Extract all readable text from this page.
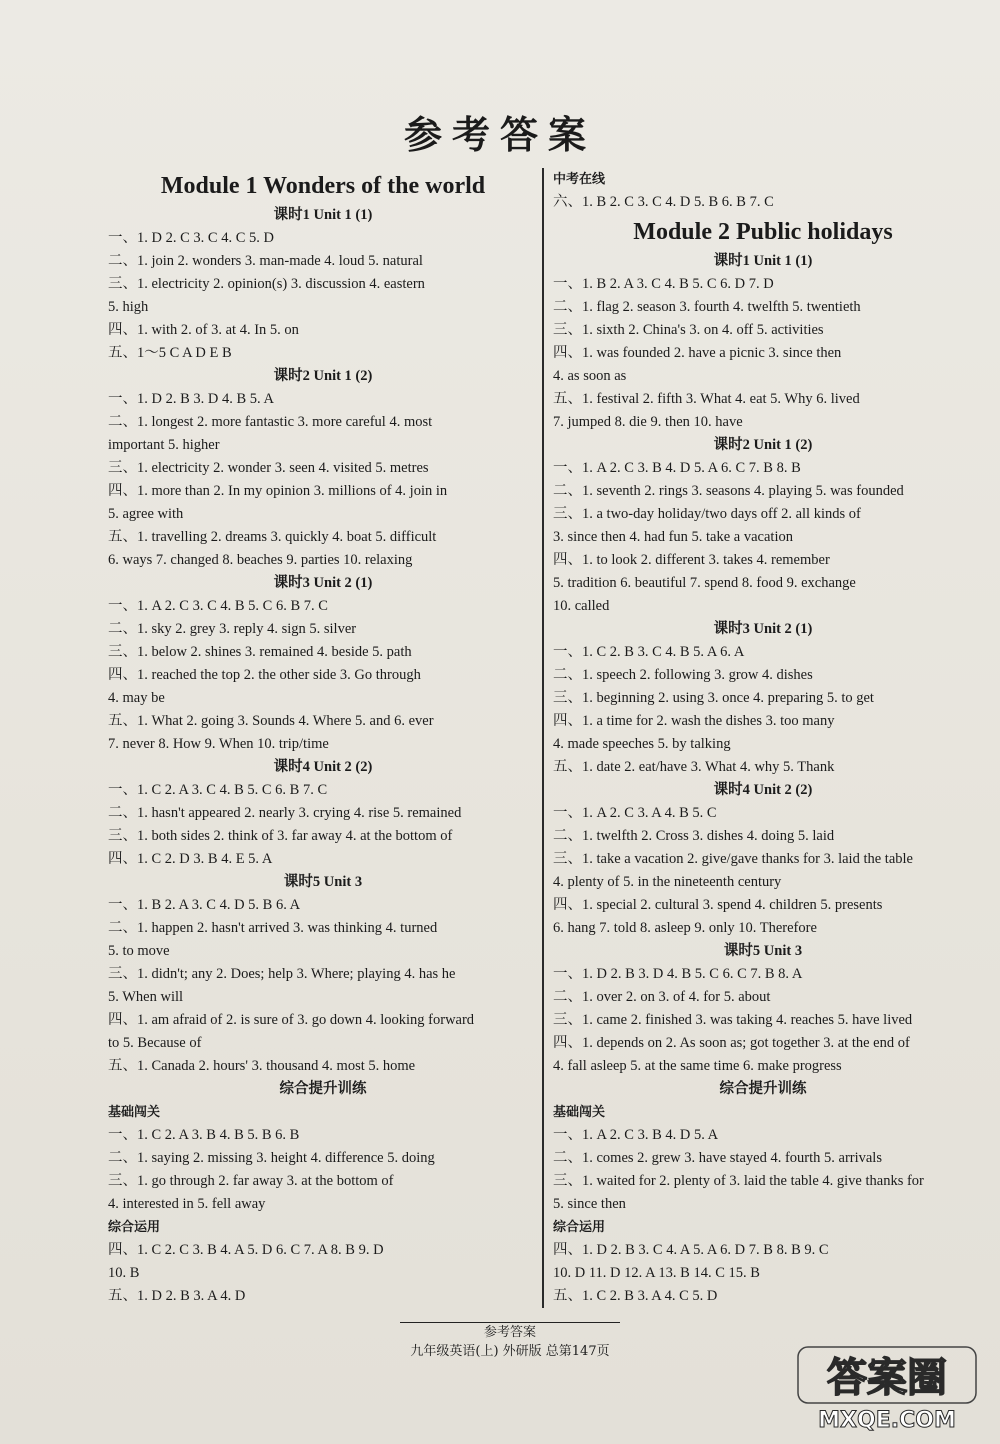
参考答案
Module 1 Wonders of the world
课时1 Unit 1 (1)
一、1. D 2. C 3. C 4. C 5. D
二、1. join 2. wonders 3. man-made 4. loud 5. natural
三、1. electricity 2. opinion(s) 3. discussion 4. eastern
5. high
四、1. with 2. of 3. at 4. In 5. on
五、1～5 C A D E B
课时2 Unit 1 (2)
一、1. D 2. B 3. D 4. B 5. A
二、1. longest 2. more fantastic 3. more careful 4. most
important 5. higher
三、1. electricity 2. wonder 3. seen 4. visited 5. metres
四、1. more than 2. In my opinion 3. millions of 4. join in
5. agree with
五、1. travelling 2. dreams 3. quickly 4. boat 5. difficult
6. ways 7. changed 8. beaches 9. parties 10. relaxing
课时3 Unit 2 (1)
一、1. A 2. C 3. C 4. B 5. C 6. B 7. C
二、1. sky 2. grey 3. reply 4. sign 5. silver
三、1. below 2. shines 3. remained 4. beside 5. path
四、1. reached the top 2. the other side 3. Go through
4. may be
五、1. What 2. going 3. Sounds 4. Where 5. and 6. ever
7. never 8. How 9. When 10. trip/time
课时4 Unit 2 (2)
一、1. C 2. A 3. C 4. B 5. C 6. B 7. C
二、1. hasn't appeared 2. nearly 3. crying 4. rise 5. remained
三、1. both sides 2. think of 3. far away 4. at the bottom of
四、1. C 2. D 3. B 4. E 5. A
课时5 Unit 3
一、1. B 2. A 3. C 4. D 5. B 6. A
二、1. happen 2. hasn't arrived 3. was thinking 4. turned
5. to move
三、1. didn't; any 2. Does; help 3. Where; playing 4. has he
5. When will
四、1. am afraid of 2. is sure of 3. go down 4. looking forward
to 5. Because of
五、1. Canada 2. hours' 3. thousand 4. most 5. home
综合提升训练
基础闯关
一、1. C 2. A 3. B 4. B 5. B 6. B
二、1. saying 2. missing 3. height 4. difference 5. doing
三、1. go through 2. far away 3. at the bottom of
4. interested in 5. fell away
综合运用
四、1. C 2. C 3. B 4. A 5. D 6. C 7. A 8. B 9. D
10. B
五、1. D 2. B 3. A 4. D
中考在线
六、1. B 2. C 3. C 4. D 5. B 6. B 7. C
Module 2 Public holidays
课时1 Unit 1 (1)
一、1. B 2. A 3. C 4. B 5. C 6. D 7. D
二、1. flag 2. season 3. fourth 4. twelfth 5. twentieth
三、1. sixth 2. China's 3. on 4. off 5. activities
四、1. was founded 2. have a picnic 3. since then
4. as soon as
五、1. festival 2. fifth 3. What 4. eat 5. Why 6. lived
7. jumped 8. die 9. then 10. have
课时2 Unit 1 (2)
一、1. A 2. C 3. B 4. D 5. A 6. C 7. B 8. B
二、1. seventh 2. rings 3. seasons 4. playing 5. was founded
三、1. a two-day holiday/two days off 2. all kinds of
3. since then 4. had fun 5. take a vacation
四、1. to look 2. different 3. takes 4. remember
5. tradition 6. beautiful 7. spend 8. food 9. exchange
10. called
课时3 Unit 2 (1)
一、1. C 2. B 3. C 4. B 5. A 6. A
二、1. speech 2. following 3. grow 4. dishes
三、1. beginning 2. using 3. once 4. preparing 5. to get
四、1. a time for 2. wash the dishes 3. too many
4. made speeches 5. by talking
五、1. date 2. eat/have 3. What 4. why 5. Thank
课时4 Unit 2 (2)
一、1. A 2. C 3. A 4. B 5. C
二、1. twelfth 2. Cross 3. dishes 4. doing 5. laid
三、1. take a vacation 2. give/gave thanks for 3. laid the table
4. plenty of 5. in the nineteenth century
四、1. special 2. cultural 3. spend 4. children 5. presents
6. hang 7. told 8. asleep 9. only 10. Therefore
课时5 Unit 3
一、1. D 2. B 3. D 4. B 5. C 6. C 7. B 8. A
二、1. over 2. on 3. of 4. for 5. about
三、1. came 2. finished 3. was taking 4. reaches 5. have lived
四、1. depends on 2. As soon as; got together 3. at the end of
4. fall asleep 5. at the same time 6. make progress
综合提升训练
基础闯关
一、1. A 2. C 3. B 4. D 5. A
二、1. comes 2. grew 3. have stayed 4. fourth 5. arrivals
三、1. waited for 2. plenty of 3. laid the table 4. give thanks for
5. since then
综合运用
四、1. D 2. B 3. C 4. A 5. A 6. D 7. B 8. B 9. C
10. D 11. D 12. A 13. B 14. C 15. B
五、1. C 2. B 3. A 4. C 5. D
参考答案
九年级英语(上) 外研版 总第147页
答案圈
MXQE.COM
